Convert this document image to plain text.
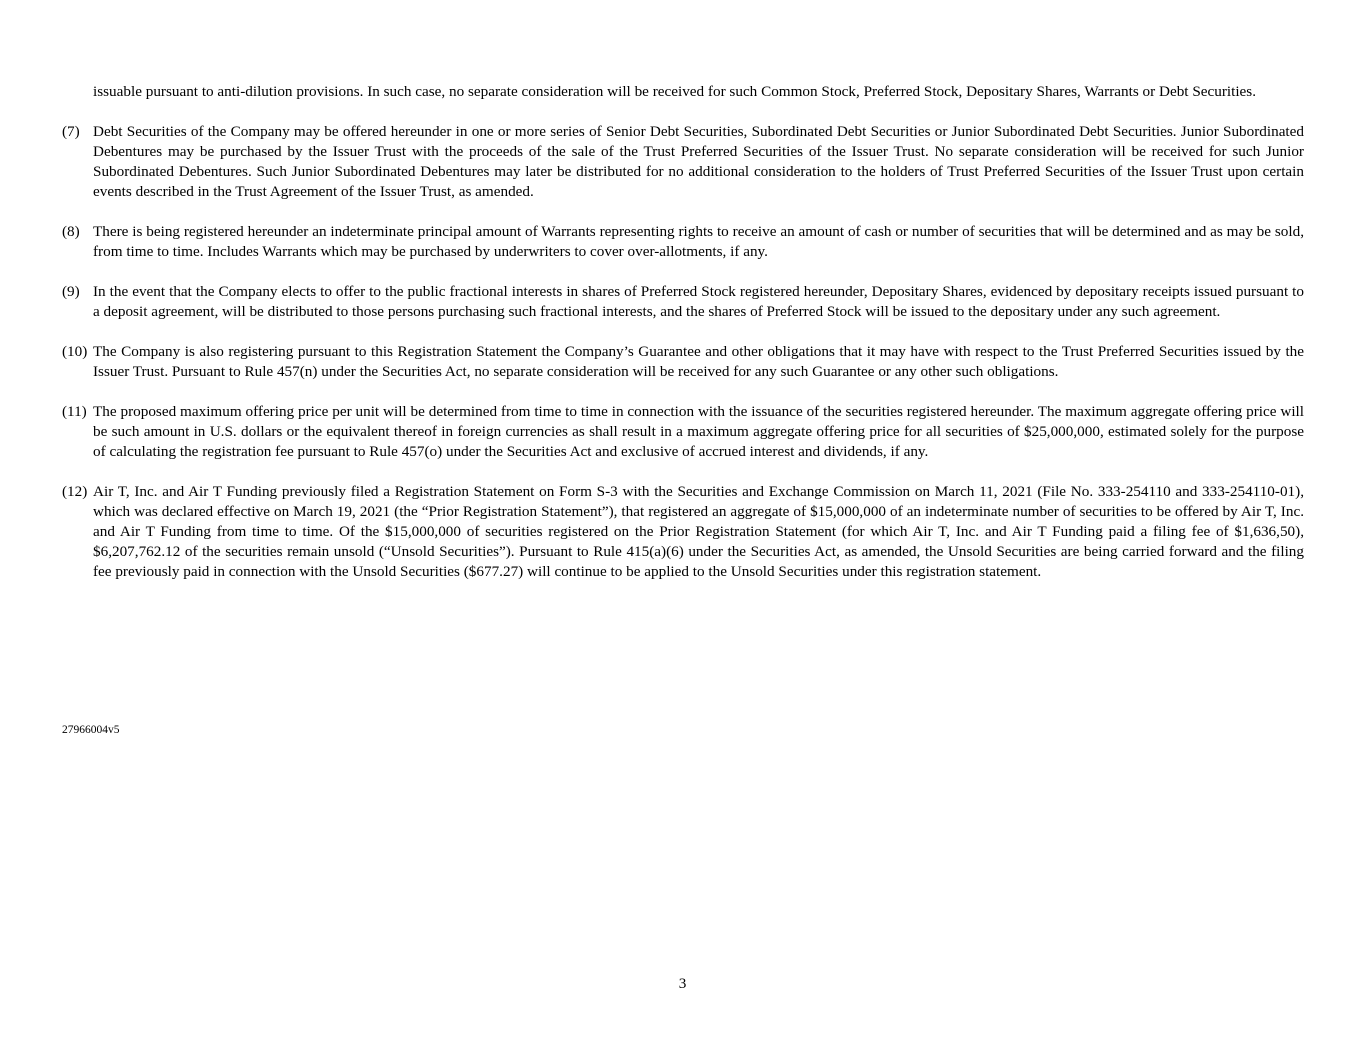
issuable pursuant to anti-dilution provisions. In such case, no separate consideration will be received for such Common Stock, Preferred Stock, Depositary Shares, Warrants or Debt Securities.
(7) Debt Securities of the Company may be offered hereunder in one or more series of Senior Debt Securities, Subordinated Debt Securities or Junior Subordinated Debt Securities. Junior Subordinated Debentures may be purchased by the Issuer Trust with the proceeds of the sale of the Trust Preferred Securities of the Issuer Trust. No separate consideration will be received for such Junior Subordinated Debentures. Such Junior Subordinated Debentures may later be distributed for no additional consideration to the holders of Trust Preferred Securities of the Issuer Trust upon certain events described in the Trust Agreement of the Issuer Trust, as amended.
(8) There is being registered hereunder an indeterminate principal amount of Warrants representing rights to receive an amount of cash or number of securities that will be determined and as may be sold, from time to time. Includes Warrants which may be purchased by underwriters to cover over-allotments, if any.
(9) In the event that the Company elects to offer to the public fractional interests in shares of Preferred Stock registered hereunder, Depositary Shares, evidenced by depositary receipts issued pursuant to a deposit agreement, will be distributed to those persons purchasing such fractional interests, and the shares of Preferred Stock will be issued to the depositary under any such agreement.
(10) The Company is also registering pursuant to this Registration Statement the Company’s Guarantee and other obligations that it may have with respect to the Trust Preferred Securities issued by the Issuer Trust. Pursuant to Rule 457(n) under the Securities Act, no separate consideration will be received for any such Guarantee or any other such obligations.
(11) The proposed maximum offering price per unit will be determined from time to time in connection with the issuance of the securities registered hereunder. The maximum aggregate offering price will be such amount in U.S. dollars or the equivalent thereof in foreign currencies as shall result in a maximum aggregate offering price for all securities of $25,000,000, estimated solely for the purpose of calculating the registration fee pursuant to Rule 457(o) under the Securities Act and exclusive of accrued interest and dividends, if any.
(12) Air T, Inc. and Air T Funding previously filed a Registration Statement on Form S-3 with the Securities and Exchange Commission on March 11, 2021 (File No. 333-254110 and 333-254110-01), which was declared effective on March 19, 2021 (the “Prior Registration Statement”), that registered an aggregate of $15,000,000 of an indeterminate number of securities to be offered by Air T, Inc. and Air T Funding from time to time. Of the $15,000,000 of securities registered on the Prior Registration Statement (for which Air T, Inc. and Air T Funding paid a filing fee of $1,636,50), $6,207,762.12 of the securities remain unsold (“Unsold Securities”). Pursuant to Rule 415(a)(6) under the Securities Act, as amended, the Unsold Securities are being carried forward and the filing fee previously paid in connection with the Unsold Securities ($677.27) will continue to be applied to the Unsold Securities under this registration statement.
27966004v5
3
